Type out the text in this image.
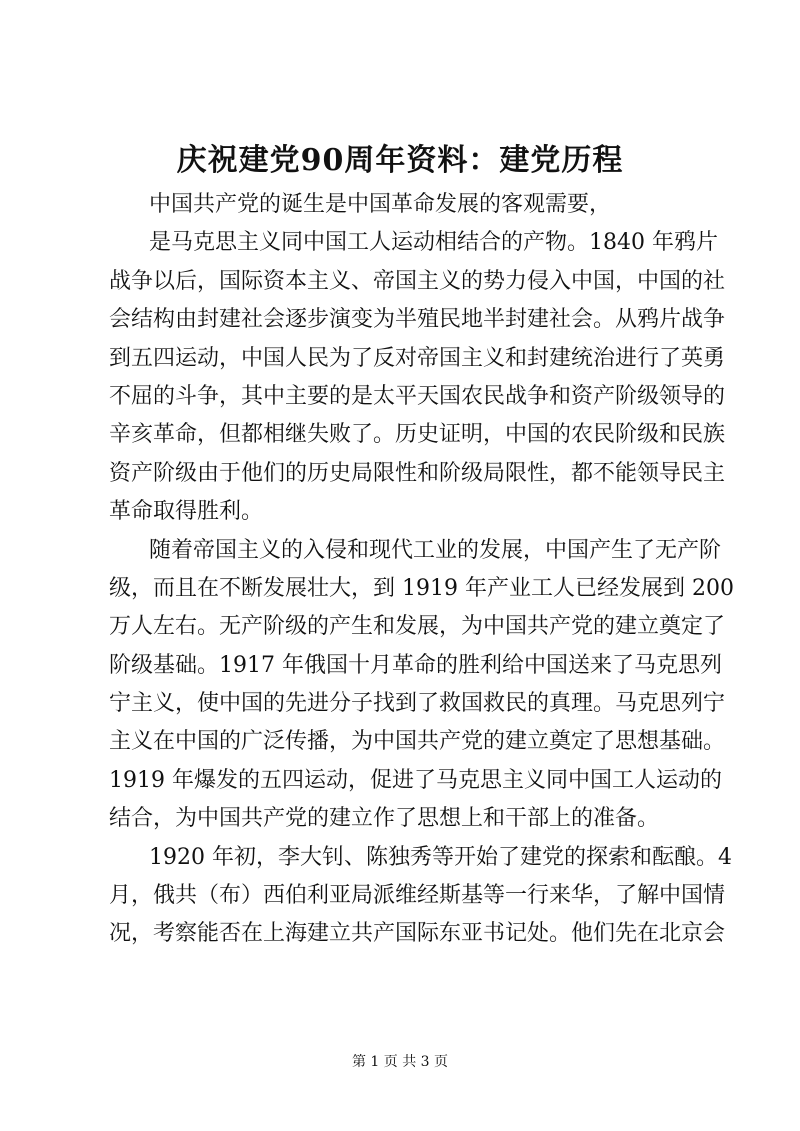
庆祝建党90周年资料：建党历程
中国共产党的诞生是中国革命发展的客观需要，
是马克思主义同中国工人运动相结合的产物。1840 年鸦片
战争以后，国际资本主义、帝国主义的势力侵入中国，中国的社
会结构由封建社会逐步演变为半殖民地半封建社会。从鸦片战争
到五四运动，中国人民为了反对帝国主义和封建统治进行了英勇
不屈的斗争，其中主要的是太平天国农民战争和资产阶级领导的
辛亥革命，但都相继失败了。历史证明，中国的农民阶级和民族
资产阶级由于他们的历史局限性和阶级局限性，都不能领导民主
革命取得胜利。
随着帝国主义的入侵和现代工业的发展，中国产生了无产阶
级，而且在不断发展壮大，到 1919 年产业工人已经发展到 200
万人左右。无产阶级的产生和发展，为中国共产党的建立奠定了
阶级基础。1917 年俄国十月革命的胜利给中国送来了马克思列
宁主义，使中国的先进分子找到了救国救民的真理。马克思列宁
主义在中国的广泛传播，为中国共产党的建立奠定了思想基础。
1919 年爆发的五四运动，促进了马克思主义同中国工人运动的
结合，为中国共产党的建立作了思想上和干部上的准备。
1920 年初，李大钊、陈独秀等开始了建党的探索和酝酿。4
月，俄共（布）西伯利亚局派维经斯基等一行来华，了解中国情
况，考察能否在上海建立共产国际东亚书记处。他们先在北京会
第 1 页 共 3 页
